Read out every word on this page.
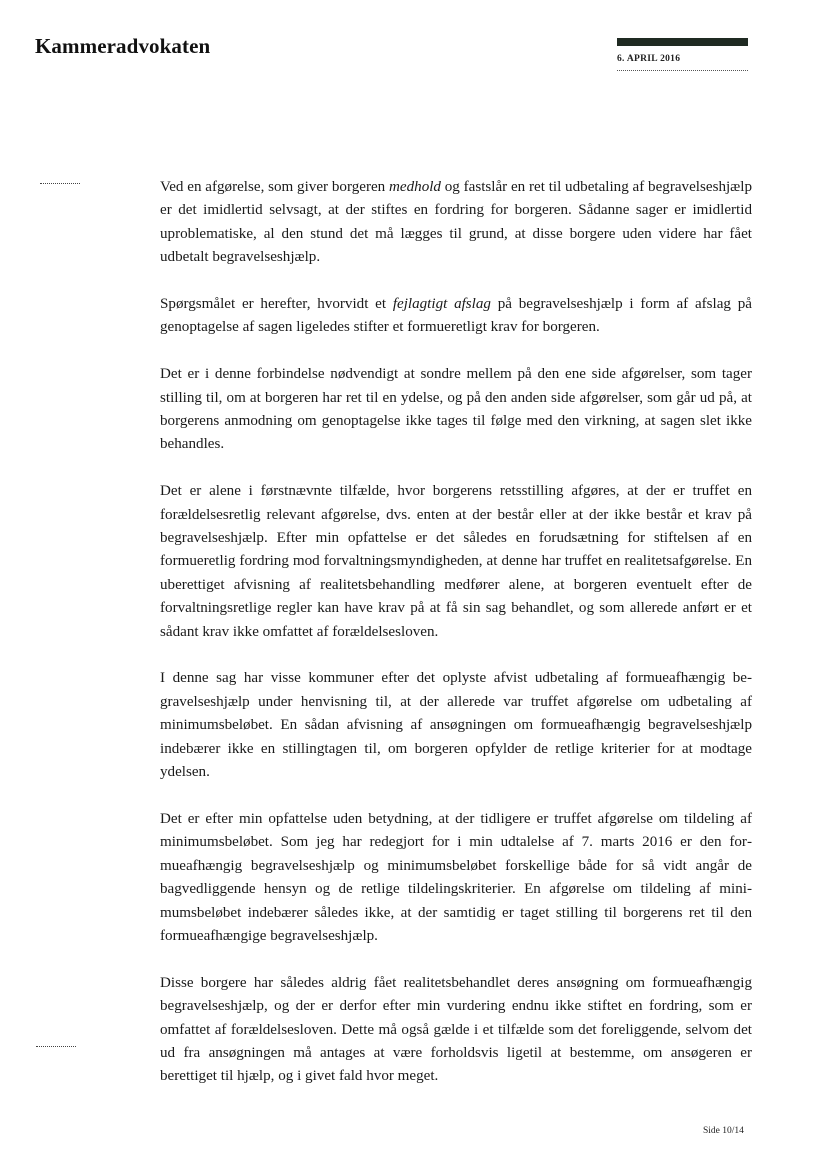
Kammeradvokaten
6. APRIL 2016

Ved en afgørelse, som giver borgeren medhold og fastslår en ret til udbetaling af begravelseshjælp er det imidlertid selvsagt, at der stiftes en fordring for borgeren. Sådanne sager er imidlertid uproblematiske, al den stund det må lægges til grund, at disse borgere uden videre har fået udbetalt begravelseshjælp.

Spørgsmålet er herefter, hvorvidt et fejlagtigt afslag på begravelseshjælp i form af afslag på genoptagelse af sagen ligeledes stifter et formueretligt krav for borgeren.

Det er i denne forbindelse nødvendigt at sondre mellem på den ene side afgørelser, som tager stilling til, om at borgeren har ret til en ydelse, og på den anden side afgørelser, som går ud på, at borgerens anmodning om genoptagelse ikke tages til følge med den virkning, at sagen slet ikke behandles.

Det er alene i førstnævnte tilfælde, hvor borgerens retsstilling afgøres, at der er truffet en forældelsesretlig relevant afgørelse, dvs. enten at der består eller at der ikke består et krav på begravelseshjælp. Efter min opfattelse er det således en forudsætning for stiftelsen af en formueretlig fordring mod forvaltningsmyndigheden, at denne har truffet en realitetsafgørelse. En uberettiget afvisning af realitetsbehandling medfører alene, at borgeren eventuelt efter de forvaltningsretlige regler kan have krav på at få sin sag behandlet, og som allerede anført er et sådant krav ikke omfattet af forældelsesloven.

I denne sag har visse kommuner efter det oplyste afvist udbetaling af formueafhængig begravelseshjælp under henvisning til, at der allerede var truffet afgørelse om udbetaling af minimumsbeløbet. En sådan afvisning af ansøgningen om formueafhængig begravelseshjælp indebærer ikke en stillingtagen til, om borgeren opfylder de retlige kriterier for at modtage ydelsen.

Det er efter min opfattelse uden betydning, at der tidligere er truffet afgørelse om tildeling af minimumsbeløbet. Som jeg har redegjort for i min udtalelse af 7. marts 2016 er den formueafhængig begravelseshjælp og minimumsbeløbet forskellige både for så vidt angår de bagvedliggende hensyn og de retlige tildelingskriterier. En afgørelse om tildeling af minimumsbeløbet indebærer således ikke, at der samtidig er taget stilling til borgerens ret til den formueafhængige begravelseshjælp.

Disse borgere har således aldrig fået realitetsbehandlet deres ansøgning om formueafhængig begravelseshjælp, og der er derfor efter min vurdering endnu ikke stiftet en fordring, som er omfattet af forældelsesloven. Dette må også gælde i et tilfælde som det foreliggende, selvom det ud fra ansøgningen må antages at være forholdsvis ligetil at bestemme, om ansøgeren er berettiget til hjælp, og i givet fald hvor meget.

Side 10/14
